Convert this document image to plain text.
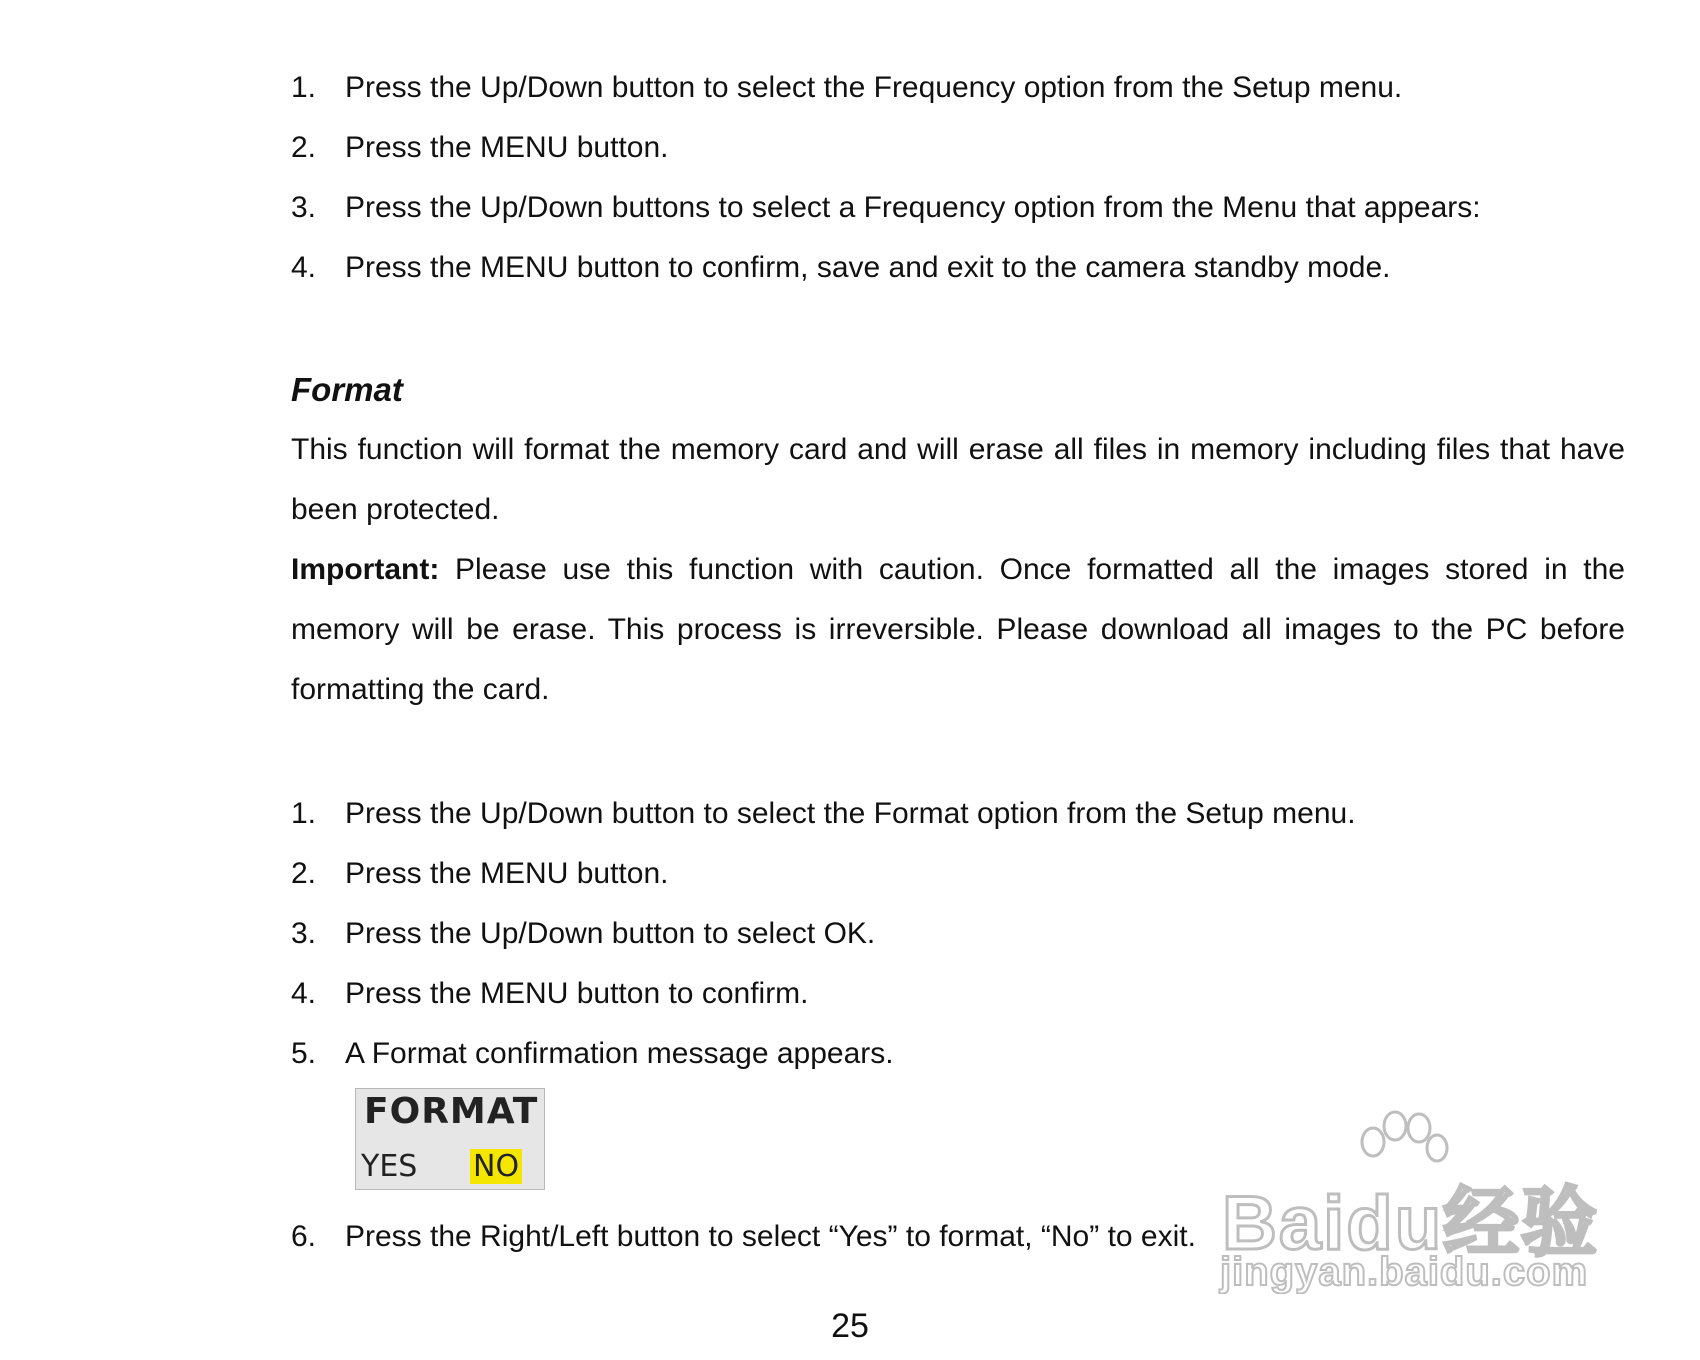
1. Press the Up/Down button to select the Frequency option from the Setup menu.
2. Press the MENU button.
3. Press the Up/Down buttons to select a Frequency option from the Menu that appears:
4. Press the MENU button to confirm, save and exit to the camera standby mode.
Format
This function will format the memory card and will erase all files in memory including files that have been protected.
Important: Please use this function with caution. Once formatted all the images stored in the memory will be erase. This process is irreversible. Please download all images to the PC before formatting the card.
1. Press the Up/Down button to select the Format option from the Setup menu.
2. Press the MENU button.
3. Press the Up/Down button to select OK.
4. Press the MENU button to confirm.
5. A Format confirmation message appears.
FORMAT
YES NO
6. Press the Right/Left button to select “Yes” to format, “No” to exit.
25
Baidu经验
jingyan.baidu.com
